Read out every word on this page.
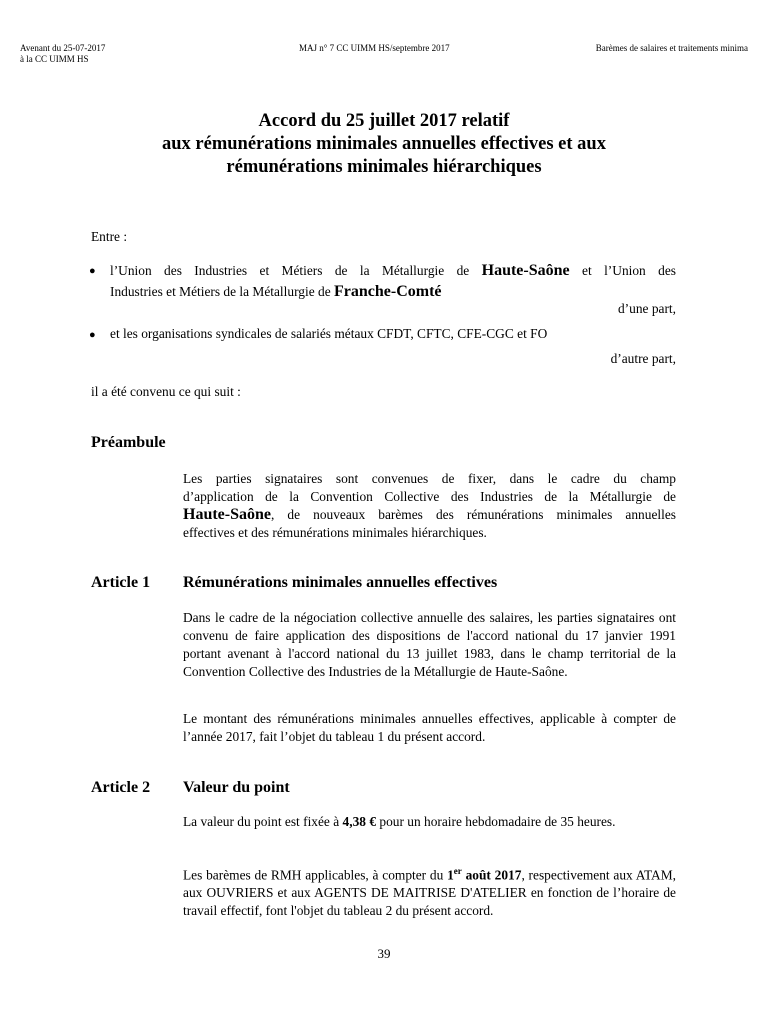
Avenant du 25-07-2017
à la CC UIMM HS
MAJ n° 7 CC UIMM HS/septembre 2017	Barèmes de salaires et traitements minima
Accord du 25 juillet 2017 relatif
aux rémunérations minimales annuelles effectives et aux
rémunérations minimales hiérarchiques
Entre :
● l’Union des Industries et Métiers de la Métallurgie de Haute-Saône et l’Union des
Industries et Métiers de la Métallurgie de Franche-Comté
d’une part,
● et les organisations syndicales de salariés métaux CFDT, CFTC, CFE-CGC et FO
d’autre part,
il a été convenu ce qui suit :
Préambule
Les parties signataires sont convenues de fixer, dans le cadre du champ
d’application de la Convention Collective des Industries de la Métallurgie de
Haute-Saône, de nouveaux barèmes des rémunérations minimales annuelles
effectives et des rémunérations minimales hiérarchiques.
Article 1 Rémunérations minimales annuelles effectives
Dans le cadre de la négociation collective annuelle des salaires, les parties signataires ont convenu de faire application des dispositions de l'accord national du 17 janvier 1991 portant avenant à l'accord national du 13 juillet 1983, dans le champ territorial de la Convention Collective des Industries de la Métallurgie de Haute-Saône.
Le montant des rémunérations minimales annuelles effectives, applicable à compter de l’année 2017, fait l’objet du tableau 1 du présent accord.
Article 2 Valeur du point
La valeur du point est fixée à 4,38 € pour un horaire hebdomadaire de 35 heures.
Les barèmes de RMH applicables, à compter du 1er août 2017, respectivement aux ATAM, aux OUVRIERS et aux AGENTS DE MAITRISE D'ATELIER en fonction de l’horaire de travail effectif, font l'objet du tableau 2 du présent accord.
39
